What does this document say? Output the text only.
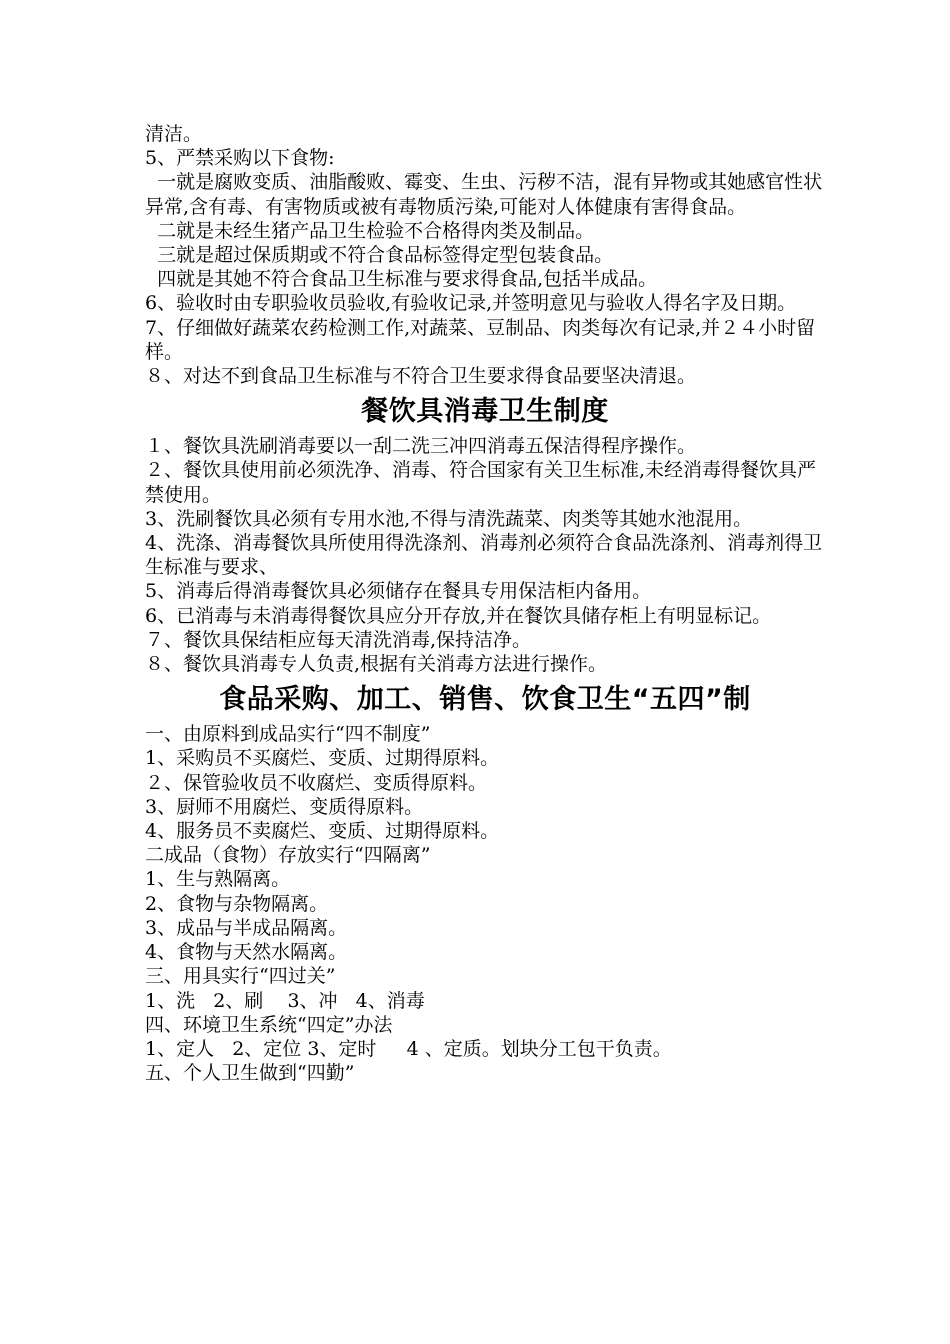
清洁。

5、严禁采购以下食物:

一就是腐败变质、油脂酸败、霉变、生虫、污秽不洁，混有异物或其她感官性状异常,含有毒、有害物质或被有毒物质污染,可能对人体健康有害得食品。

二就是未经生猪产品卫生检验不合格得肉类及制品。

三就是超过保质期或不符合食品标签得定型包装食品。

四就是其她不符合食品卫生标准与要求得食品,包括半成品。

6、验收时由专职验收员验收,有验收记录,并签明意见与验收人得名字及日期。

7、仔细做好蔬菜农药检测工作,对蔬菜、豆制品、肉类每次有记录,并２４小时留样。

８、对达不到食品卫生标准与不符合卫生要求得食品要坚决清退。

餐饮具消毒卫生制度

１、餐饮具洗刷消毒要以一刮二洗三冲四消毒五保洁得程序操作。

２、餐饮具使用前必须洗净、消毒、符合国家有关卫生标准,未经消毒得餐饮具严禁使用。

3、洗刷餐饮具必须有专用水池,不得与清洗蔬菜、肉类等其她水池混用。

4、洗涤、消毒餐饮具所使用得洗涤剂、消毒剂必须符合食品洗涤剂、消毒剂得卫生标准与要求、

5、消毒后得消毒餐饮具必须储存在餐具专用保洁柜内备用。

6、已消毒与未消毒得餐饮具应分开存放,并在餐饮具储存柜上有明显标记。

７、餐饮具保结柜应每天清洗消毒,保持洁净。

８、餐饮具消毒专人负责,根据有关消毒方法进行操作。

食品采购、加工、销售、饮食卫生“五四”制

一、由原料到成品实行“四不制度”

1、采购员不买腐烂、变质、过期得原料。

２、保管验收员不收腐烂、变质得原料。

3、厨师不用腐烂、变质得原料。

4、服务员不卖腐烂、变质、过期得原料。

二成品（食物）存放实行“四隔离”

1、生与熟隔离。

2、食物与杂物隔离。

3、成品与半成品隔离。

4、食物与天然水隔离。

三、用具实行“四过关”

1、洗   2、刷    3、冲   4、消毒

四、环境卫生系统“四定”办法

1、定人   2、定位 3、定时     4 、定质。划块分工包干负责。

五、个人卫生做到“四勤”
